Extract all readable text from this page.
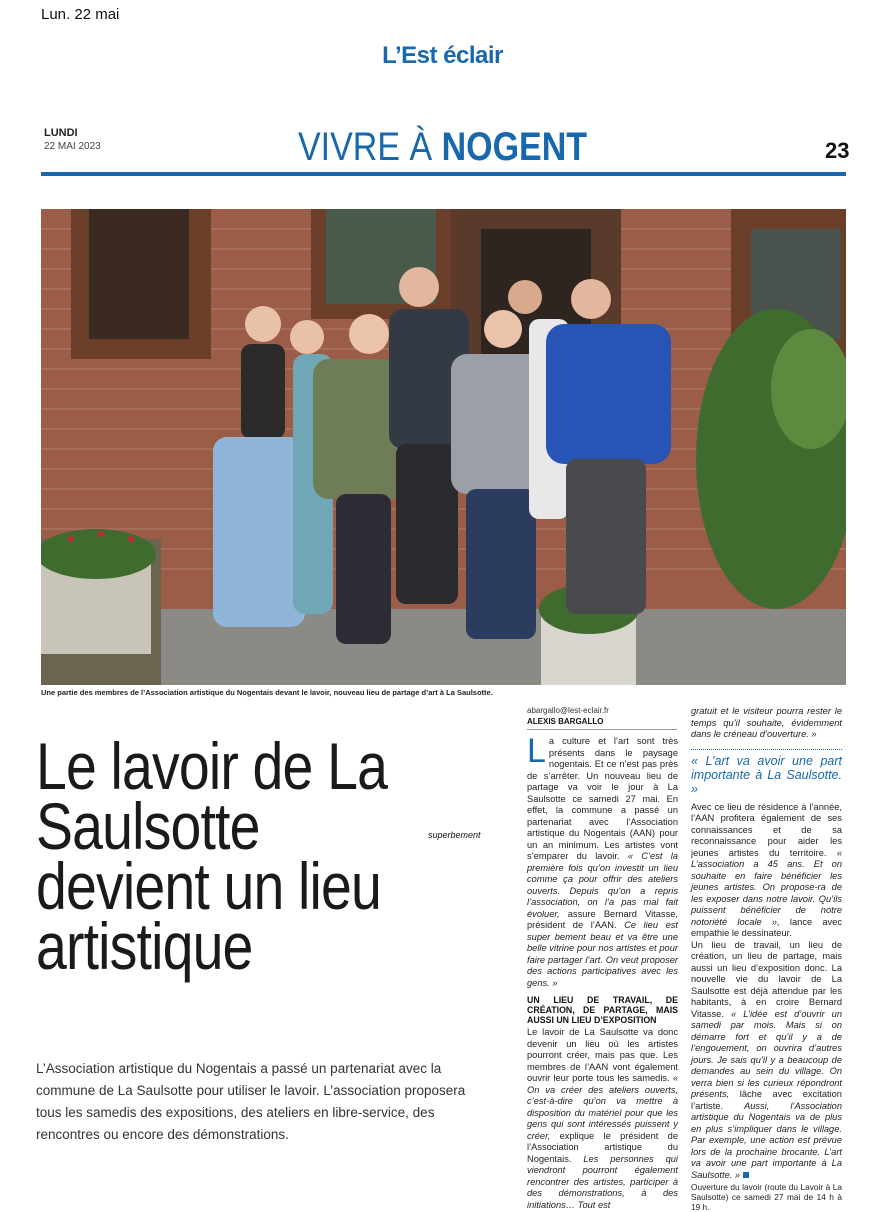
Lun. 22 mai
L’Est éclair
LUNDI
22 MAI 2023	VIVRE À NOGENT	23
Une partie des membres de l’Association artistique du Nogentais devant le lavoir, nouveau lieu de partage d’art à La Saulsotte.
Le lavoir de La Saulsotte devient un lieu artistique
superbement
L’Association artistique du Nogentais a passé un partenariat avec la commune de La Saulsotte pour utiliser le lavoir. L’association proposera tous les samedis des expositions, des ateliers en libre-service, des rencontres ou encore des démonstrations.
abargallo@lest-eclair.fr
ALEXIS BARGALLO

La culture et l’art sont très présents dans le paysage nogentais. Et ce n’est pas près de s’arrêter. Un nouveau lieu de partage va voir le jour à La Saulsotte ce samedi 27 mai. En effet, la commune a passé un partenariat avec l’Association artistique du Nogentais (AAN) pour un an minimum. Les artistes vont s’emparer du lavoir. « C’est la première fois qu’on investit un lieu comme ça pour offrir des ateliers ouverts. Depuis qu’on a repris l’association, on l’a pas mal fait évoluer, assure Bernard Vitasse, président de l’AAN. Ce lieu est super bement beau et va être une belle vitrine pour nos artistes et pour faire partager l’art. On veut proposer des actions participatives avec les gens. »

UN LIEU DE TRAVAIL, DE CRÉATION, DE PARTAGE, MAIS AUSSI UN LIEU D’EXPOSITION

Le lavoir de La Saulsotte va donc devenir un lieu où les artistes pourront créer, mais pas que. Les membres de l’AAN vont également ouvrir leur porte tous les samedis. « On va créer des ateliers ouverts, c’est-à-dire qu’on va mettre à disposition du matériel pour que les gens qui sont intéressés puissent y créer, explique le président de l’Association artistique du Nogentais. Les personnes qui viendront pourront également rencontrer des artistes, participer à des démonstrations, à des initiations… Tout est

gratuit et le visiteur pourra rester le temps qu’il souhaite, évidemment dans le créneau d’ouverture. »

« L’art va avoir une part importante à La Saulsotte. »

Avec ce lieu de résidence à l’année, l’AAN profitera également de ses connaissances et de sa reconnaissance pour aider les jeunes artistes du territoire. « L’association a 45 ans. Et on souhaite en faire bénéficier les jeunes artistes. On propose-ra de les exposer dans notre lavoir. Qu’ils puissent bénéficier de notre notoriété locale », lance avec empathie le dessinateur.

Un lieu de travail, un lieu de création, un lieu de partage, mais aussi un lieu d’exposition donc. La nouvelle vie du lavoir de La Saulsotte est déjà attendue par les habitants, à en croire Bernard Vitasse. « L’idée est d’ouvrir un samedi par mois. Mais si on démarre fort et qu’il y a de l’engouement, on ouvrira d’autres jours. Je sais qu’il y a beaucoup de demandes au sein du village. On verra bien si les curieux répondront présents, lâche avec excitation l’artiste. Aussi, l’Association artistique du Nogentais va de plus en plus s’impliquer dans le village. Par exemple, une action est prévue lors de la prochaine brocante. L’art va avoir une part importante à La Saulsotte. »

Ouverture du lavoir (route du Lavoir à La Saulsotte) ce samedi 27 mai de 14 h à 19 h.
